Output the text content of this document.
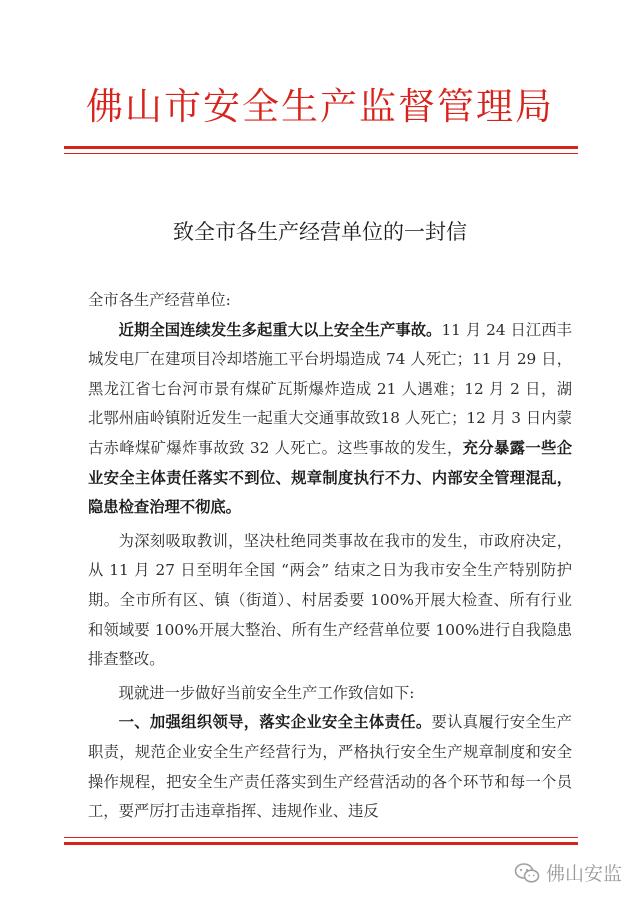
佛山市安全生产监督管理局
致全市各生产经营单位的一封信

全市各生产经营单位:

近期全国连续发生多起重大以上安全生产事故。11 月 24 日江西丰城发电厂在建项目冷却塔施工平台坍塌造成 74 人死亡；11 月 29 日，黑龙江省七台河市景有煤矿瓦斯爆炸造成 21 人遇难；12 月 2 日，湖北鄂州庙岭镇附近发生一起重大交通事故致18 人死亡；12 月 3 日内蒙古赤峰煤矿爆炸事故致 32 人死亡。这些事故的发生，充分暴露一些企业安全主体责任落实不到位、规章制度执行不力、内部安全管理混乱，隐患检查治理不彻底。

为深刻吸取教训，坚决杜绝同类事故在我市的发生，市政府决定，从 11 月 27 日至明年全国 “两会” 结束之日为我市安全生产特别防护期。全市所有区、镇（街道）、村居委要 100%开展大检查、所有行业和领域要 100%开展大整治、所有生产经营单位要 100%进行自我隐患排查整改。

现就进一步做好当前安全生产工作致信如下:

一、加强组织领导，落实企业安全主体责任。要认真履行安全生产职责，规范企业安全生产经营行为，严格执行安全生产规章制度和安全操作规程，把安全生产责任落实到生产经营活动的各个环节和每一个员工，要严厉打击违章指挥、违规作业、违反

佛山安监
